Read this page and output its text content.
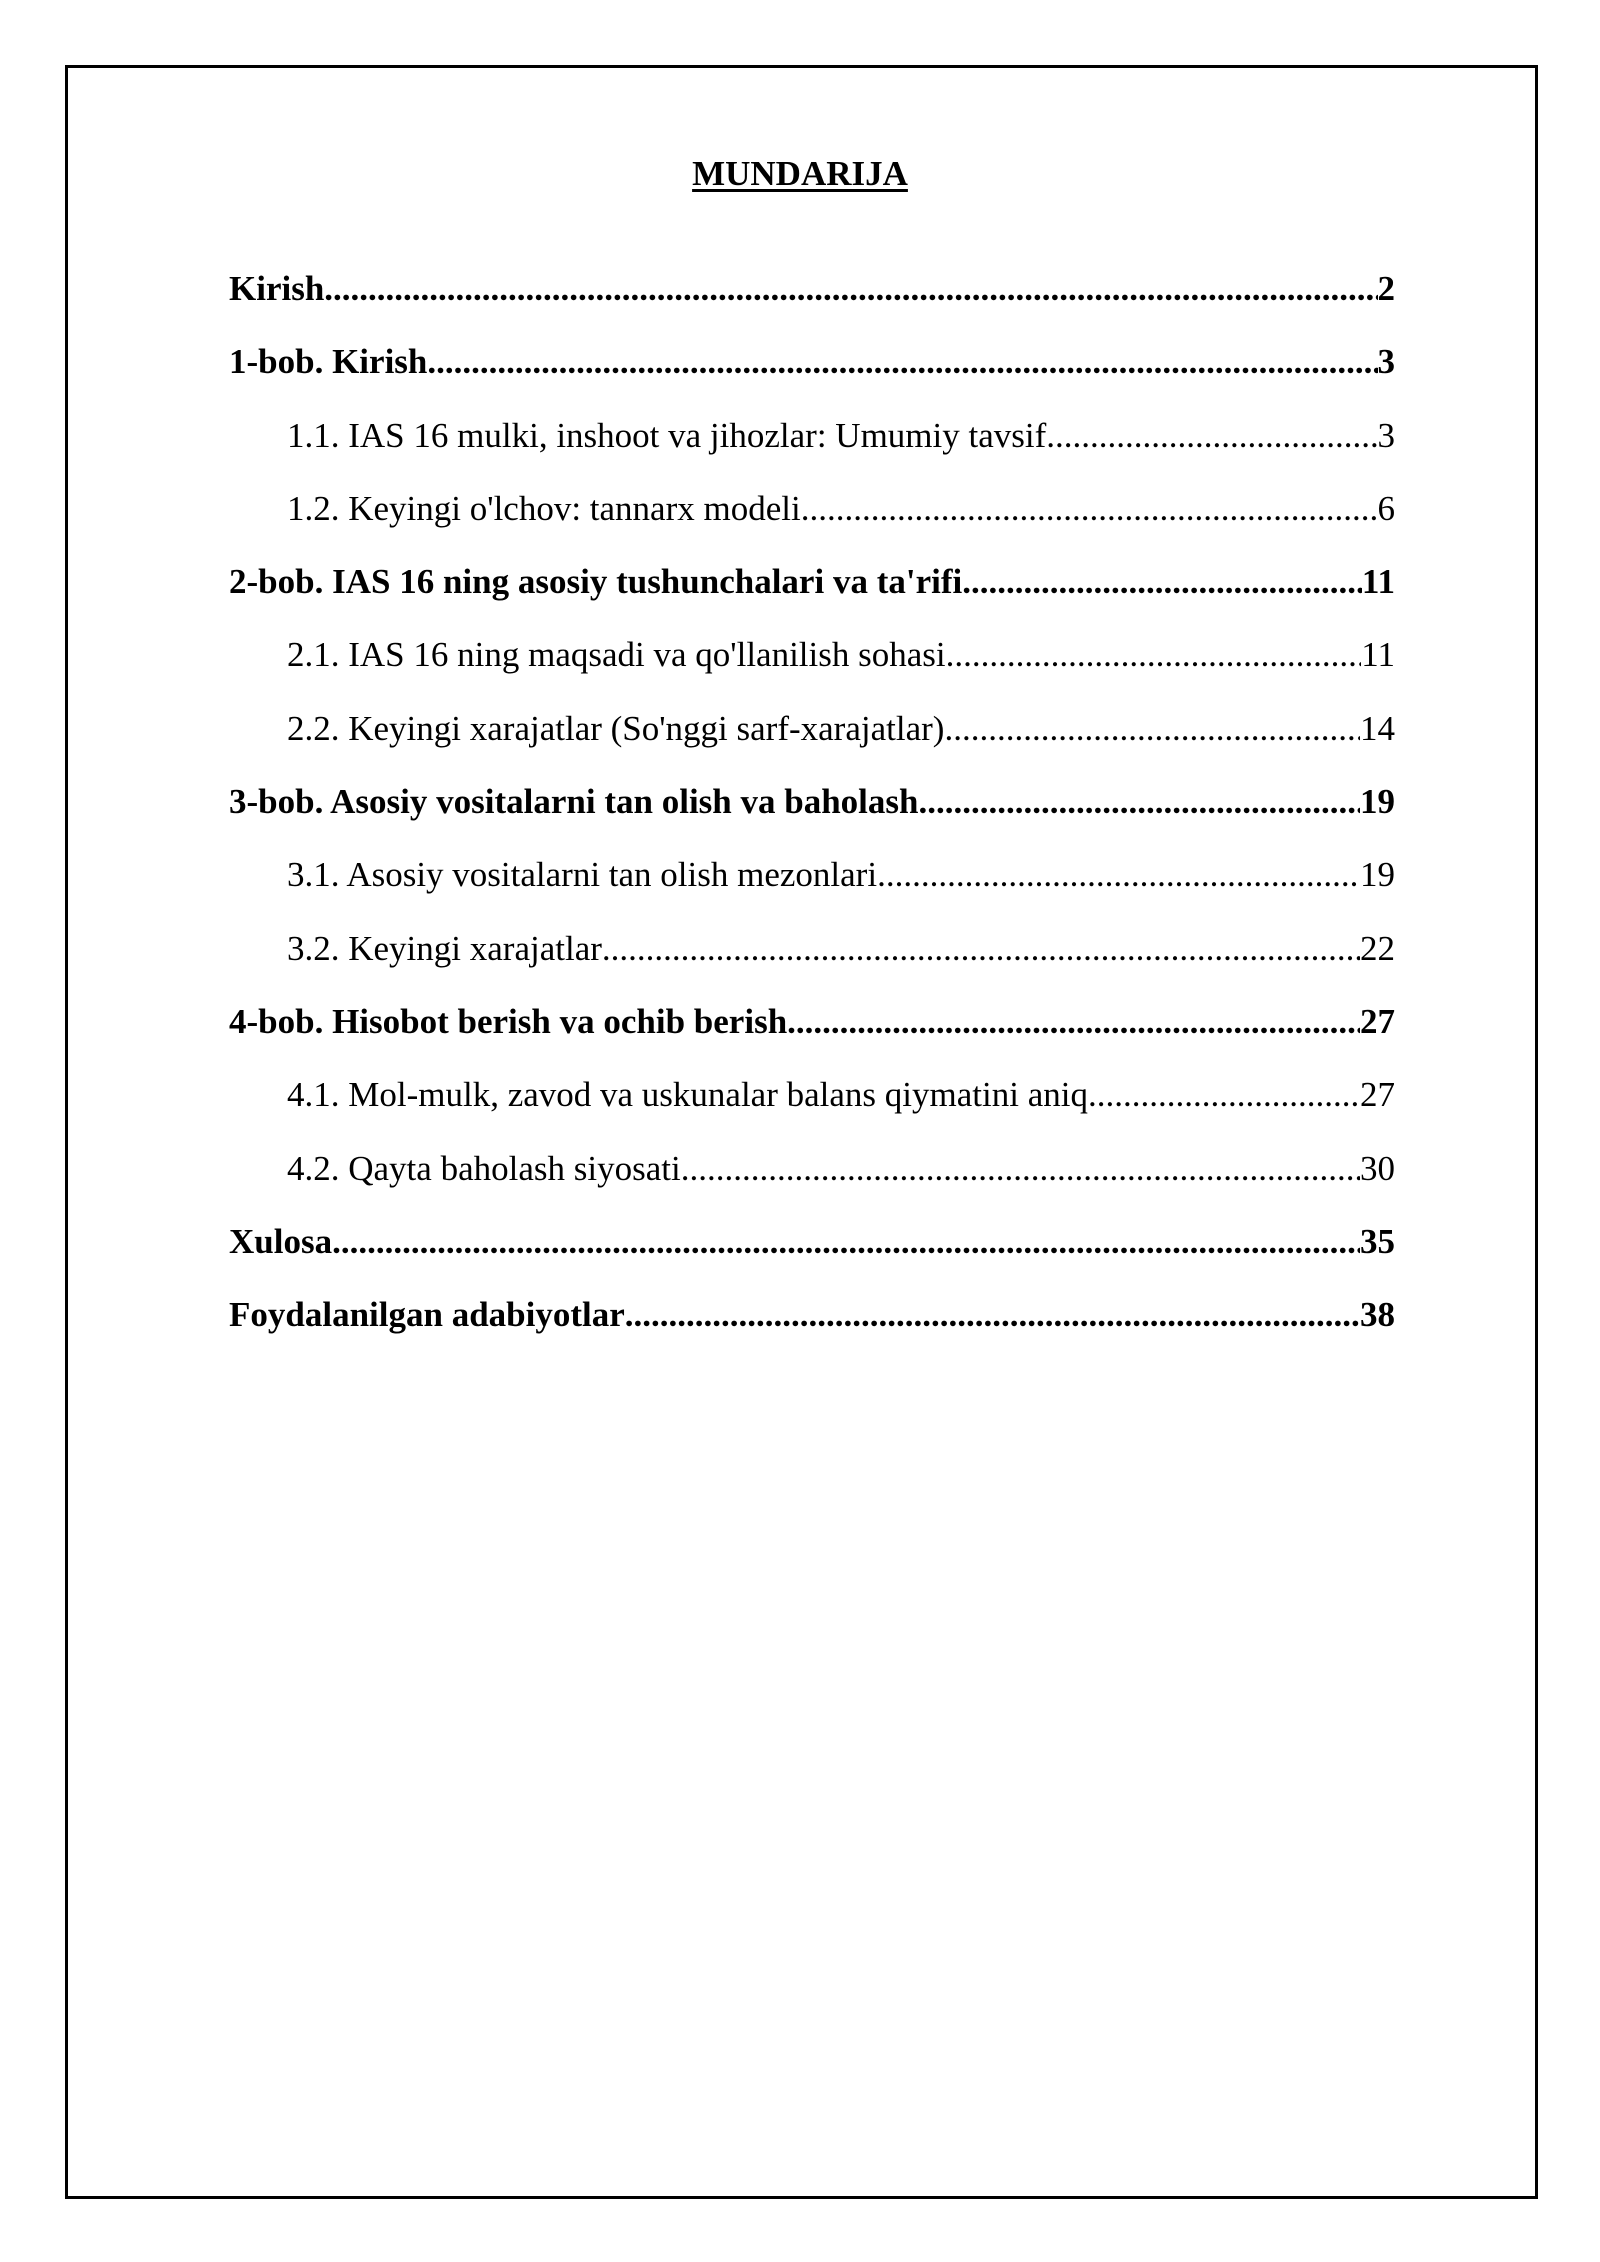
MUNDARIJA
Kirish .....	2
1-bob. Kirish .....	3
1.1. IAS 16 mulki, inshoot va jihozlar: Umumiy tavsif .....	3
1.2. Keyingi o'lchov: tannarx modeli .....	6
2-bob. IAS 16 ning asosiy tushunchalari va ta'rifi .....	11
2.1. IAS 16 ning maqsadi va qo'llanilish sohasi .....	11
2.2. Keyingi xarajatlar (So'nggi sarf-xarajatlar) .....	14
3-bob. Asosiy vositalarni tan olish va baholash .....	19
3.1. Asosiy vositalarni tan olish mezonlari .....	19
3.2. Keyingi xarajatlar .....	22
4-bob. Hisobot berish va ochib berish .....	27
4.1. Mol-mulk, zavod va uskunalar balans qiymatini aniq .....	27
4.2. Qayta baholash siyosati .....	30
Xulosa .....	35
Foydalanilgan adabiyotlar .....	38
